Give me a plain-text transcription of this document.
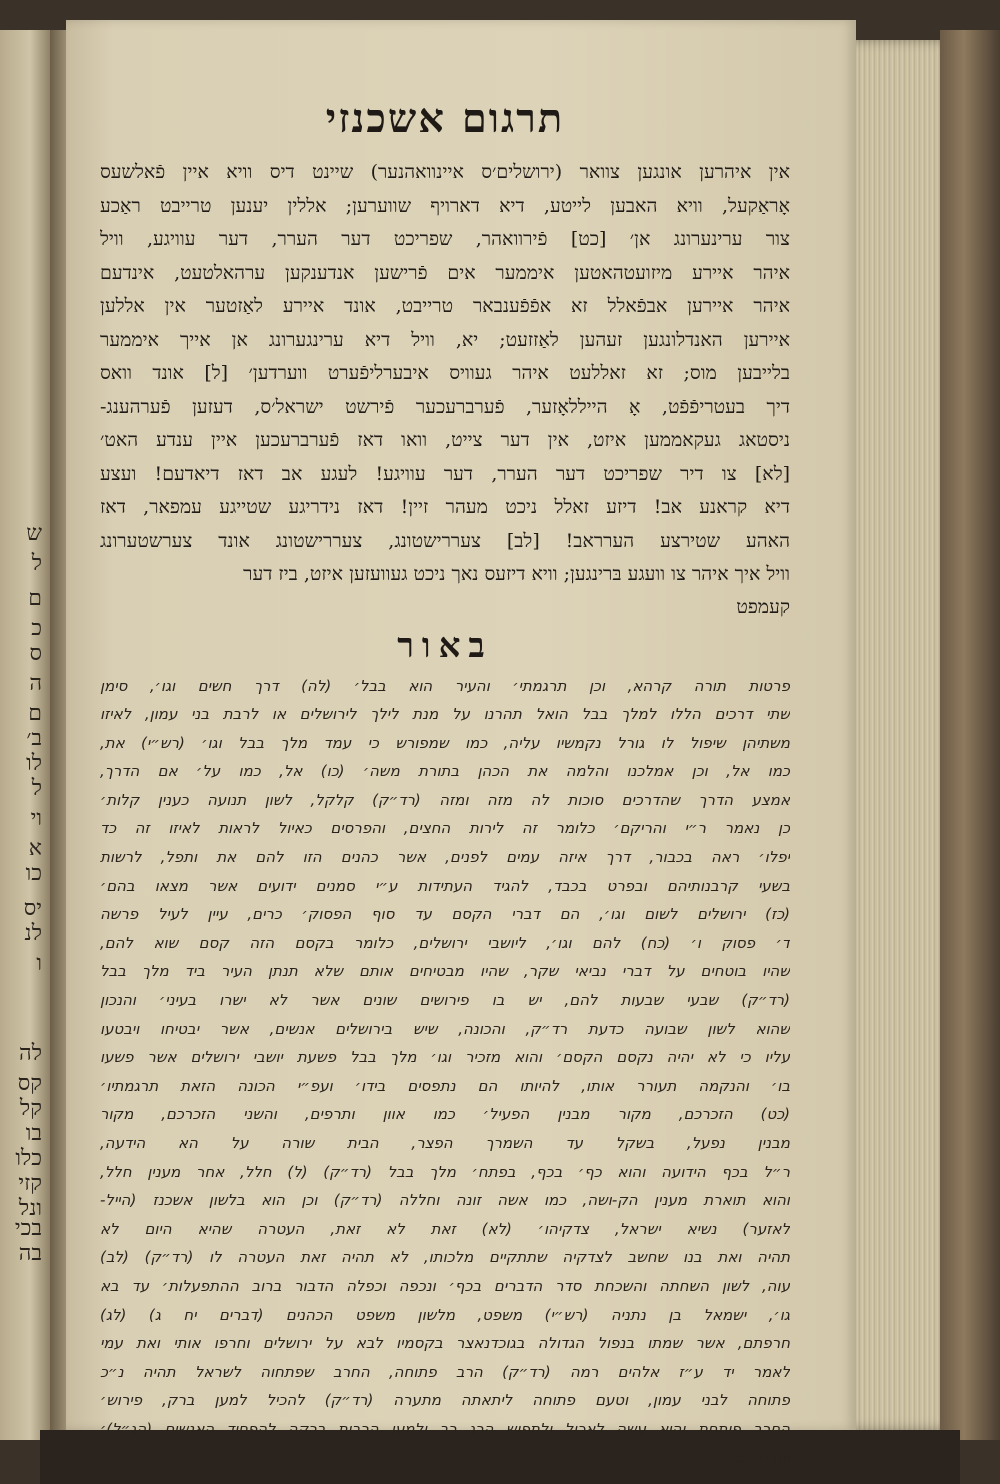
ש
ל
ם
כ
ס
ה
ם
ב׳
לו
ל
וי
א
כו
יס
לנ
ו
לה
קס
קל
בו
כלו
קזי
ונל
בכי
בה
תרגום אשכנזי
אין איהרען אונגען צוואר (ירושלים׳ס איינוואהנער) שיינט דיס וויא איין פֿאלשעס
אָראַקעל, וויא האבען לייטע, דיא דארויף שווערען; אללין יענען טרייבט ראַכע
צור ערינערונג אן׳ [כט] פֿירוואהר, שפריכט דער הערר, דער עוויגע, וויל
איהר איירע מיזועטהאטען איממער אים פֿרישען אנדענקען ערהאלטעט, אינדעם
איהר איירען אבפֿאלל זא אפֿפֿענבאר טרייבט, אונד איירע לאַזטער אין אללען
איירען האנדלונגען זעהען לאַזזעט; יא, וויל דיא ערינגערונג אן אייך איממער
בלייבען מוס; זא זאללעט איהר געוויס איבערליפֿערט ווערדען׳ [ל] אונד וואס
דיך בעטריפֿפֿט, אָ הייללאָזער, פֿערברעכער פֿירשט ישראל׳ס, דעזען פֿערהענג-
ניסטאג געקאממען איזט, אין דער צייט, וואו דאז פֿערברעכען איין ענדע האט׳
[לא] צו דיר שפריכט דער הערר, דער עוויגע! לעגע אב דאז דיאדעם! ועצע
דיא קראנע אב! דיזע זאלל ניכט מעהר זיין! דאז נידריגע שטייגע עמפאר, דאז
האהע שטירצע הערראב! [לב] צעררישטונג, צעררישטונג אונד צערשטערונג
וויל איך איהר צו וועגע בּרינגען; וויא דיזעס נאך ניכט געוועזען איזט, ביז דער
קעמפט
באור
פרטות תורה קרהא, וכן תרגמתי׳ והעיר הוא בבל׳ (לה) דרך חשים וגו׳, סימן
שתי דרכים הללו למלך בבל הואל תהרנו על מנת לילך לירושלים או לרבת בני עמון, לאיזו
משתיהן שיפול לו גורל נקמשיו עליה, כמו שמפורש כי עמד מלך בבל וגו׳ (רש״י) את,
כמו אל, וכן אמלכנו והלמה את הכהן בתורת משה׳ (כו) אל, כמו על׳ אם הדרך,
אמצע הדרך שהדרכים סוכות לה מזה ומזה (רד״ק) קלקל, לשון תנועה כענין קלות׳
כן נאמר ר״י והריקם׳ כלומר זה לירות החצים, והפרסים כאיול לראות לאיזו זה כד
יפלו׳ ראה בכבור, דרך איזה עמים לפנים, אשר כהנים הזו להם את ותפל, לרשות
בשעי קרבנותיהם ובפרט בכבד, להגיד העתידות ע״י סמנים ידועים אשר מצאו בהם׳
(כז) ירושלים לשום וגו׳, הם דברי הקסם עד סוף הפסוק׳ כרים, עיין לעיל פרשה
ד׳ פסוק ו׳ (כח) להם וגו׳, ליושבי ירושלים, כלומר בקסם הזה קסם שוא להם,
שהיו בוטחים על דברי נביאי שקר, שהיו מבטיחים אותם שלא תנתן העיר ביד מלך בבל
(רד״ק) שבעי שבעות להם, יש בו פירושים שונים אשר לא ישרו בעיני׳ והנכון
שהוא לשון שבועה כדעת רד״ק, והכונה, שיש בירושלים אנשים, אשר יבטיחו ויבטעו
עליו כי לא יהיה נקסם הקסם׳ והוא מזכיר וגו׳ מלך בבל פשעת יושבי ירושלים אשר פשעו
בו׳ והנקמה תעורר אותו, להיותו הם נתפסים בידו׳ ועפ״י הכונה הזאת תרגמתיו׳
(כט) הזכרכם, מקור מבנין הפעיל׳ כמו אוון ותרפים, והשני הזכרכם, מקור
מבנין נפעל, בשקל עד השמרך הפצר, הבית שורה על הא הידעה,
ר״ל בכף הידועה והוא כף׳ בכף, בפתח׳ מלך בבל (רד״ק) (ל) חלל, אחר מענין חלל,
והוא תוארת מענין הק-ושה, כמו אשה זונה וחללה (רד״ק) וכן הוא בלשון אשכנז (הייל-
לאזער) נשיא ישראל, צדקיהו׳ (לא) זאת לא זאת, העטרה שהיא היום לא
תהיה ואת בנו שחשב לצדקיה שתתקיים מלכותו, לא תהיה זאת העטרה לו (רד״ק) (לב)
עוה, לשון השחתה והשכחת סדר הדברים בכף׳ ונכפה וכפלה הדבור ברוב ההתפעלות׳ עד בא
גו׳, ישמאל בן נתניה (רש״י) משפט, מלשון משפט הכהנים (דברים יח ג) (לג)
חרפתם, אשר שמתו בנפול הגדולה בגוכדנאצר בקסמיו לבא על ירושלים וחרפו אותי ואת עמי
לאמר יד ע״ז אלהים רמה (רד״ק) הרב פתוחה, החרב שפתחוה לשראל תהיה נ״כ
פתוחה לבני עמון, וטעם פתוחה ליתאתה מתערה (רד״ק) להכיל למען ברק, פירוש׳
החרב פותחת והיא עשה לאכול ולתפוש הרג רב ולמען הרבות ברקה להפחיד האנשים (הג״ל)׳
ופרי״קס
